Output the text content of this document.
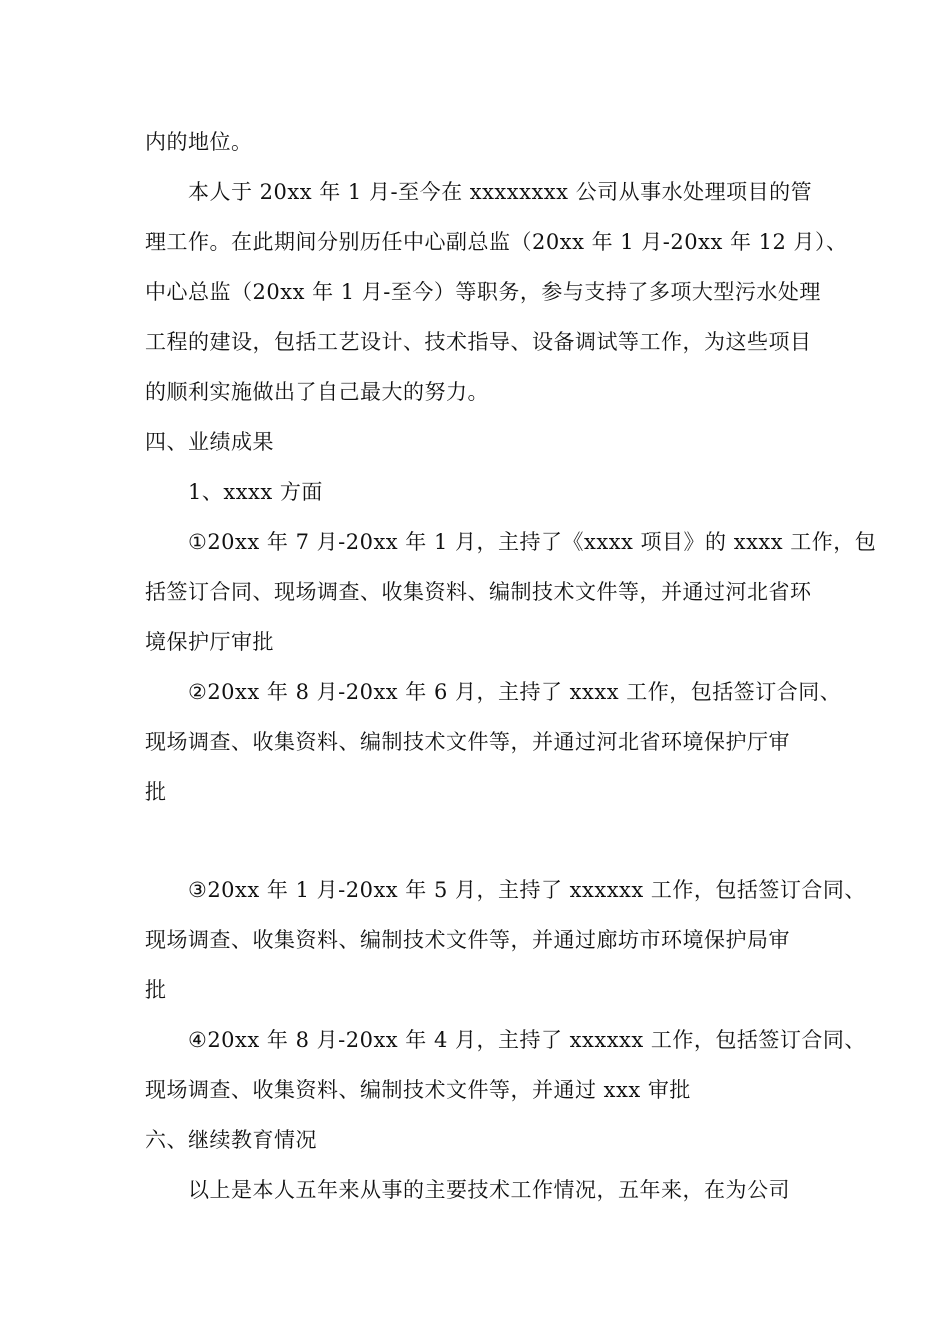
内的地位。
本人于 20xx 年 1 月-至今在 xxxxxxxx 公司从事水处理项目的管
理工作。在此期间分别历任中心副总监（20xx 年 1 月-20xx 年 12 月）、
中心总监（20xx 年 1 月-至今）等职务，参与支持了多项大型污水处理
工程的建设，包括工艺设计、技术指导、设备调试等工作，为这些项目
的顺利实施做出了自己最大的努力。
四、业绩成果
1、xxxx 方面
①20xx 年 7 月-20xx 年 1 月，主持了《xxxx 项目》的 xxxx 工作，包
括签订合同、现场调查、收集资料、编制技术文件等，并通过河北省环
境保护厅审批
②20xx 年 8 月-20xx 年 6 月，主持了 xxxx 工作，包括签订合同、
现场调查、收集资料、编制技术文件等，并通过河北省环境保护厅审
批
③20xx 年 1 月-20xx 年 5 月，主持了 xxxxxx 工作，包括签订合同、
现场调查、收集资料、编制技术文件等，并通过廊坊市环境保护局审
批
④20xx 年 8 月-20xx 年 4 月，主持了 xxxxxx 工作，包括签订合同、
现场调查、收集资料、编制技术文件等，并通过 xxx 审批
六、继续教育情况
以上是本人五年来从事的主要技术工作情况，五年来，在为公司
